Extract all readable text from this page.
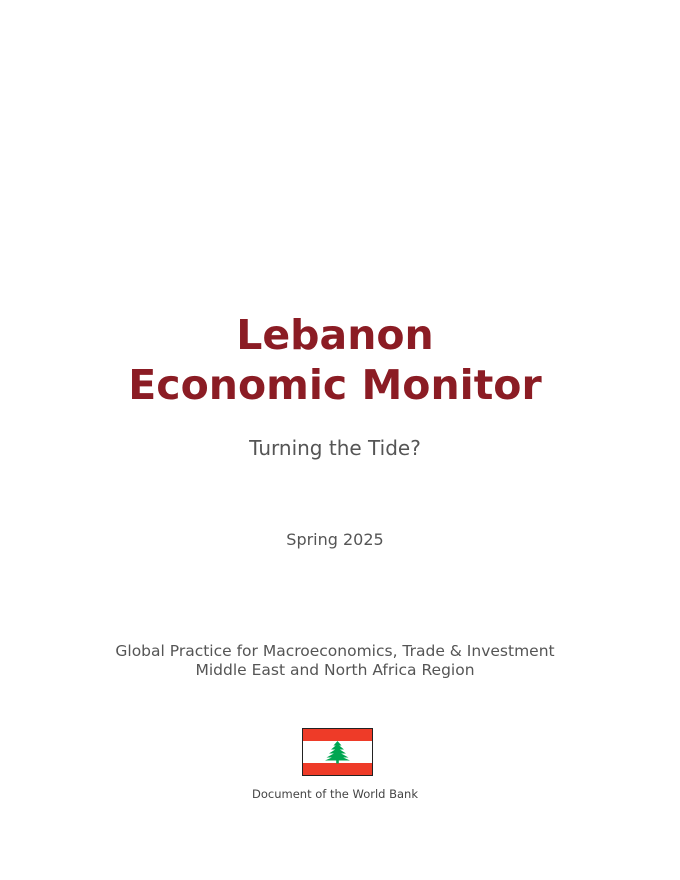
Lebanon
Economic Monitor
Turning the Tide?
Spring 2025
Global Practice for Macroeconomics, Trade & Investment
Middle East and North Africa Region
Document of the World Bank
